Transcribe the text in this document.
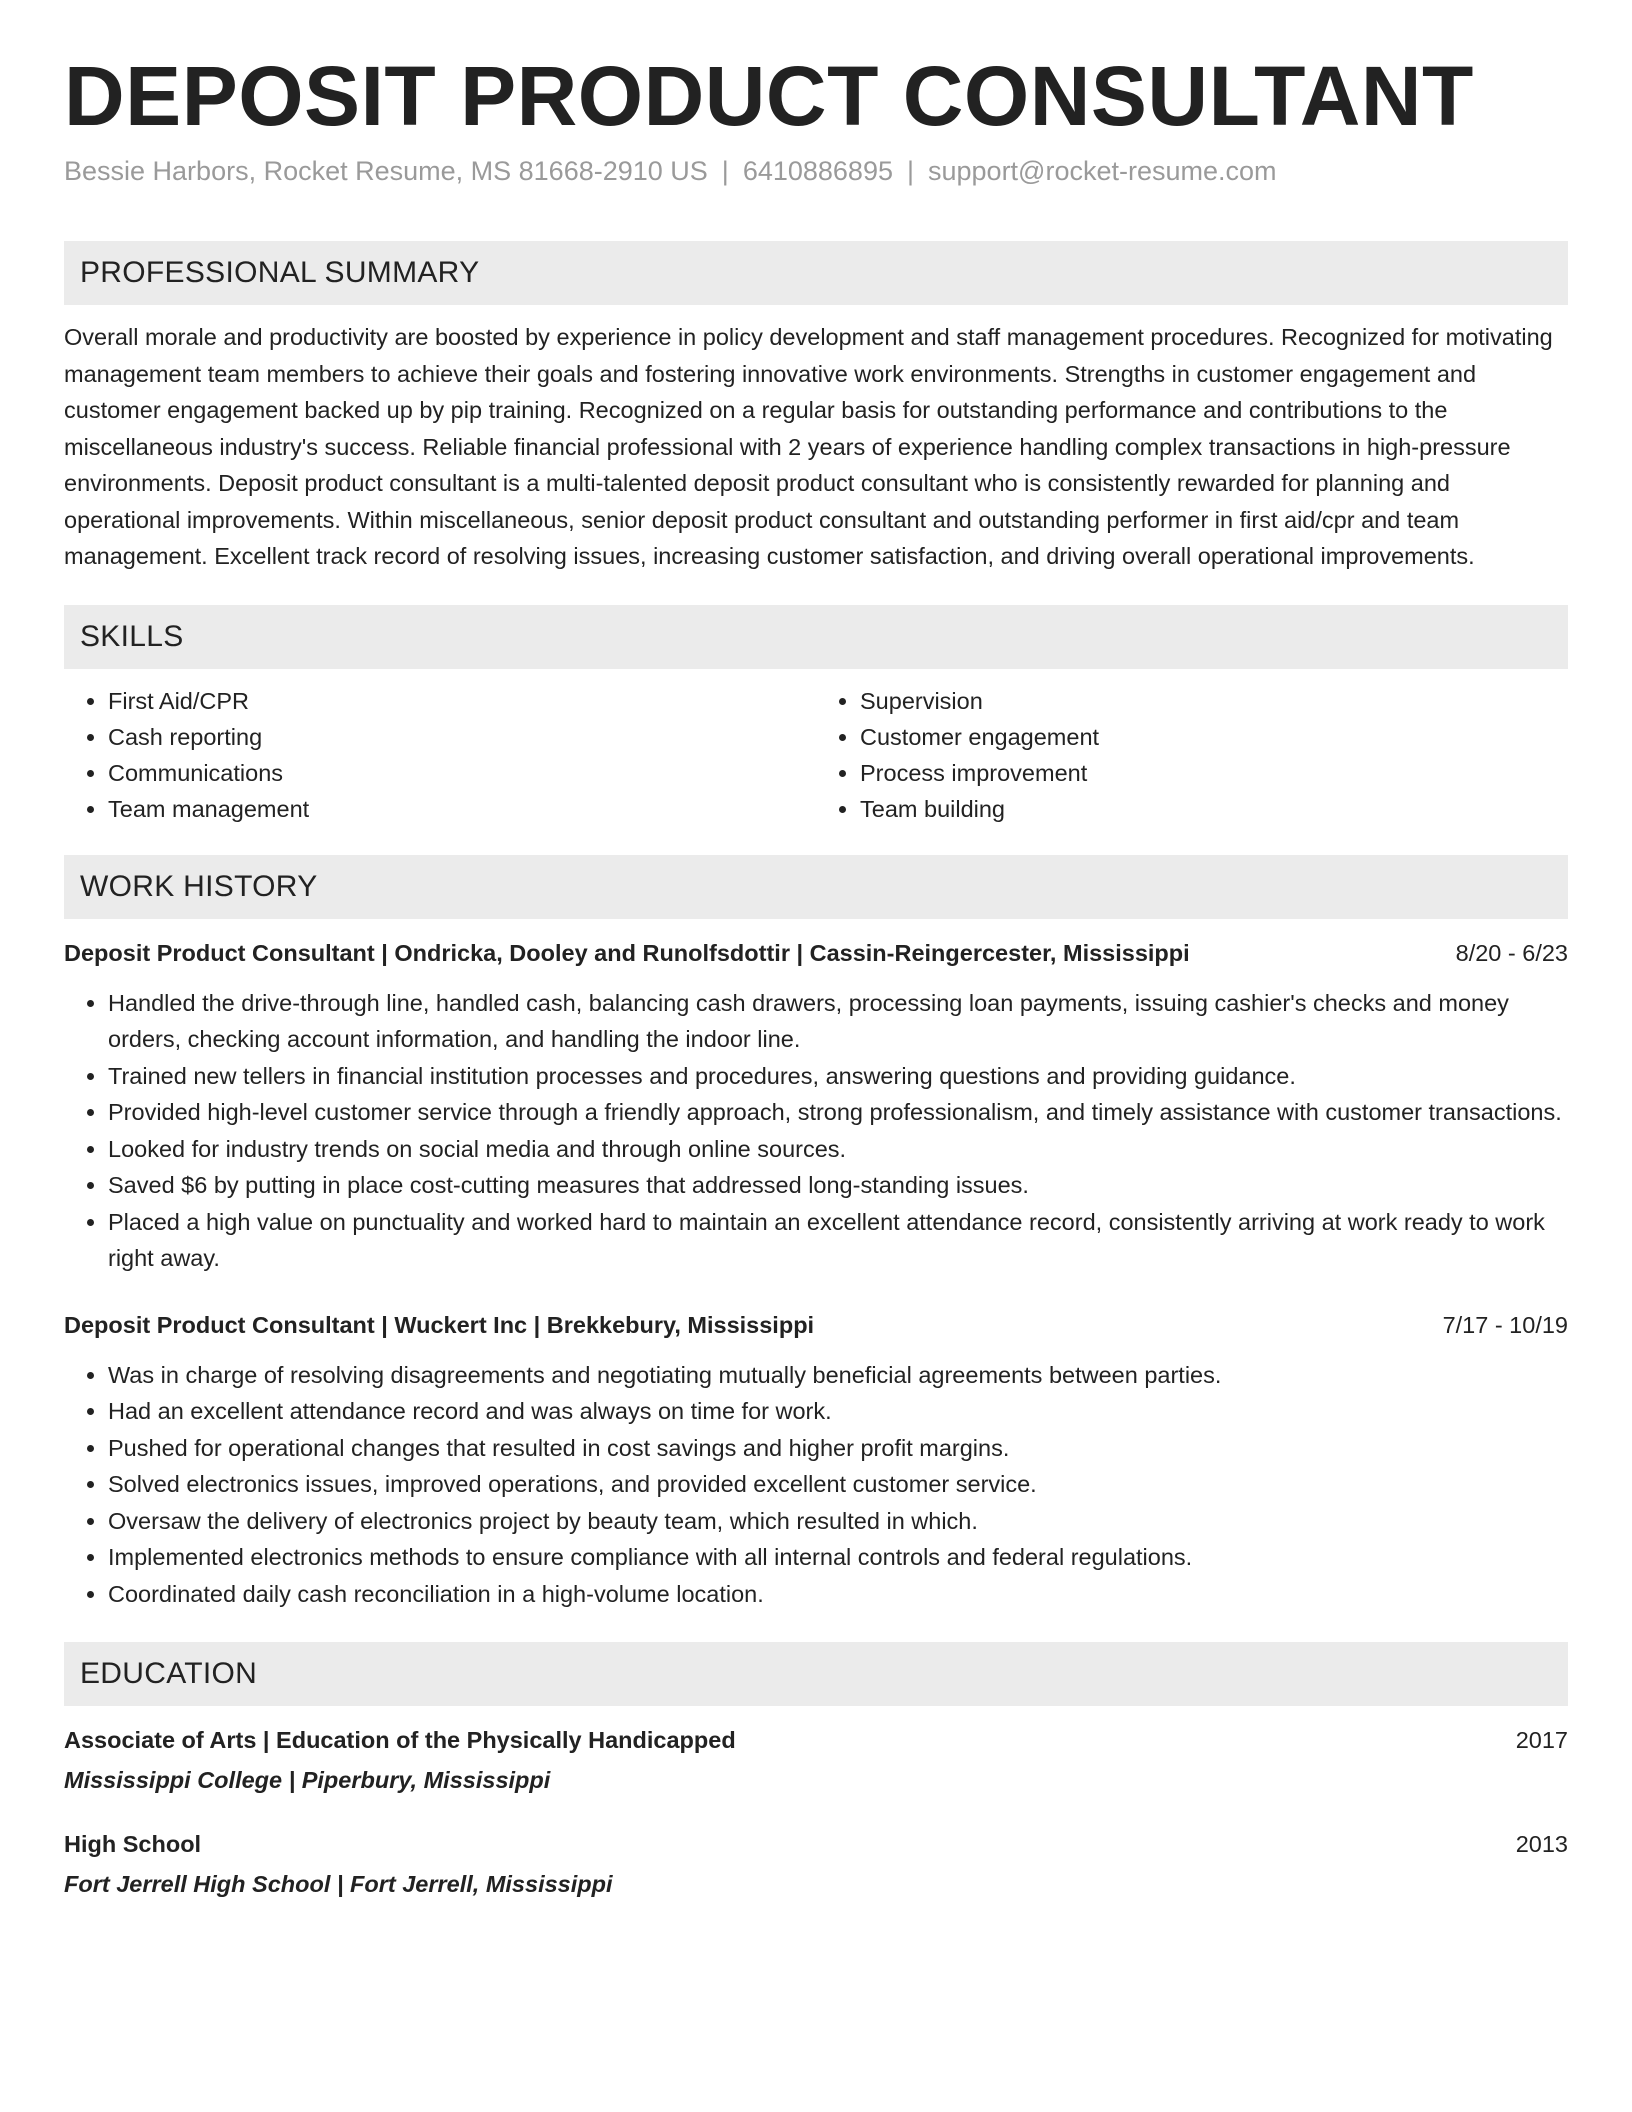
DEPOSIT PRODUCT CONSULTANT
Bessie Harbors, Rocket Resume, MS 81668-2910 US | 6410886895 | support@rocket-resume.com
PROFESSIONAL SUMMARY

Overall morale and productivity are boosted by experience in policy development and staff management procedures. Recognized for motivating management team members to achieve their goals and fostering innovative work environments. Strengths in customer engagement and customer engagement backed up by pip training. Recognized on a regular basis for outstanding performance and contributions to the miscellaneous industry's success. Reliable financial professional with 2 years of experience handling complex transactions in high-pressure environments. Deposit product consultant is a multi-talented deposit product consultant who is consistently rewarded for planning and operational improvements. Within miscellaneous, senior deposit product consultant and outstanding performer in first aid/cpr and team management. Excellent track record of resolving issues, increasing customer satisfaction, and driving overall operational improvements.

SKILLS
• First Aid/CPR
• Cash reporting
• Communications
• Team management
• Supervision
• Customer engagement
• Process improvement
• Team building
WORK HISTORY
Deposit Product Consultant | Ondricka, Dooley and Runolfsdottir | Cassin-Reingercester, Mississippi	8/20 - 6/23
• Handled the drive-through line, handled cash, balancing cash drawers, processing loan payments, issuing cashier's checks and money orders, checking account information, and handling the indoor line.
• Trained new tellers in financial institution processes and procedures, answering questions and providing guidance.
• Provided high-level customer service through a friendly approach, strong professionalism, and timely assistance with customer transactions.
• Looked for industry trends on social media and through online sources.
• Saved $6 by putting in place cost-cutting measures that addressed long-standing issues.
• Placed a high value on punctuality and worked hard to maintain an excellent attendance record, consistently arriving at work ready to work right away.
Deposit Product Consultant | Wuckert Inc | Brekkebury, Mississippi	7/17 - 10/19
• Was in charge of resolving disagreements and negotiating mutually beneficial agreements between parties.
• Had an excellent attendance record and was always on time for work.
• Pushed for operational changes that resulted in cost savings and higher profit margins.
• Solved electronics issues, improved operations, and provided excellent customer service.
• Oversaw the delivery of electronics project by beauty team, which resulted in which.
• Implemented electronics methods to ensure compliance with all internal controls and federal regulations.
• Coordinated daily cash reconciliation in a high-volume location.
EDUCATION
Associate of Arts | Education of the Physically Handicapped	2017
Mississippi College | Piperbury, Mississippi
High School	2013
Fort Jerrell High School | Fort Jerrell, Mississippi
